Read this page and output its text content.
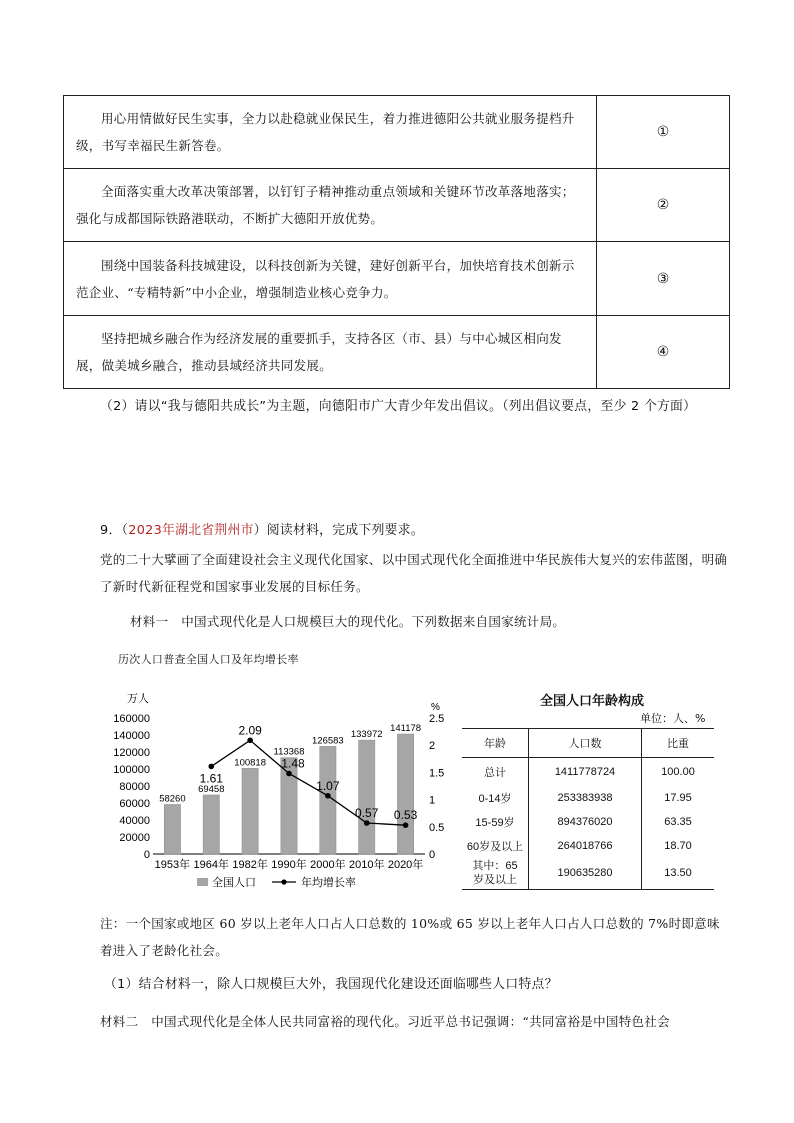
用心用情做好民生实事，全力以赴稳就业保民生，着力推进德阳公共就业服务提档升级，书写幸福民生新答卷。	①
全面落实重大改革决策部署，以钉钉子精神推动重点领域和关键环节改革落地落实；强化与成都国际铁路港联动，不断扩大德阳开放优势。	②
围绕中国装备科技城建设，以科技创新为关键，建好创新平台，加快培育技术创新示范企业、“专精特新”中小企业，增强制造业核心竞争力。	③
坚持把城乡融合作为经济发展的重要抓手，支持各区（市、县）与中心城区相向发展，做美城乡融合，推动县域经济共同发展。	④
（2）请以“我与德阳共成长”为主题，向德阳市广大青少年发出倡议。（列出倡议要点，至少 2 个方面）
9．（2023年湖北省荆州市）阅读材料，完成下列要求。
党的二十大擘画了全面建设社会主义现代化国家、以中国式现代化全面推进中华民族伟大复兴的宏伟蓝图，明确了新时代新征程党和国家事业发展的目标任务。
材料一　中国式现代化是人口规模巨大的现代化。下列数据来自国家统计局。
历次人口普查全国人口及年均增长率
万人
%
0
20000
40000
60000
80000
100000
120000
140000
160000
0
0.5
1
1.5
2
2.5
58260
69458
100818
113368
126583
133972
141178
1953年 1964年 1982年 1990年 2000年 2010年 2020年
1.61
2.09
1.48
1.07
0.57 0.53
全国人口	年均增长率
全国人口年龄构成
单位：人、%
年龄	人口数	比重
总计	1411778724	100.00
0-14岁	253383938	17.95
15-59岁	894376020	63.35
60岁及以上	264018766	18.70
其中：65
岁及以上	190635280	13.50
注：一个国家或地区 60 岁以上老年人口占人口总数的 10%或 65 岁以上老年人口占人口总数的 7%时即意味着进入了老龄化社会。
（1）结合材料一，除人口规模巨大外，我国现代化建设还面临哪些人口特点？
材料二　中国式现代化是全体人民共同富裕的现代化。习近平总书记强调：“共同富裕是中国特色社会
